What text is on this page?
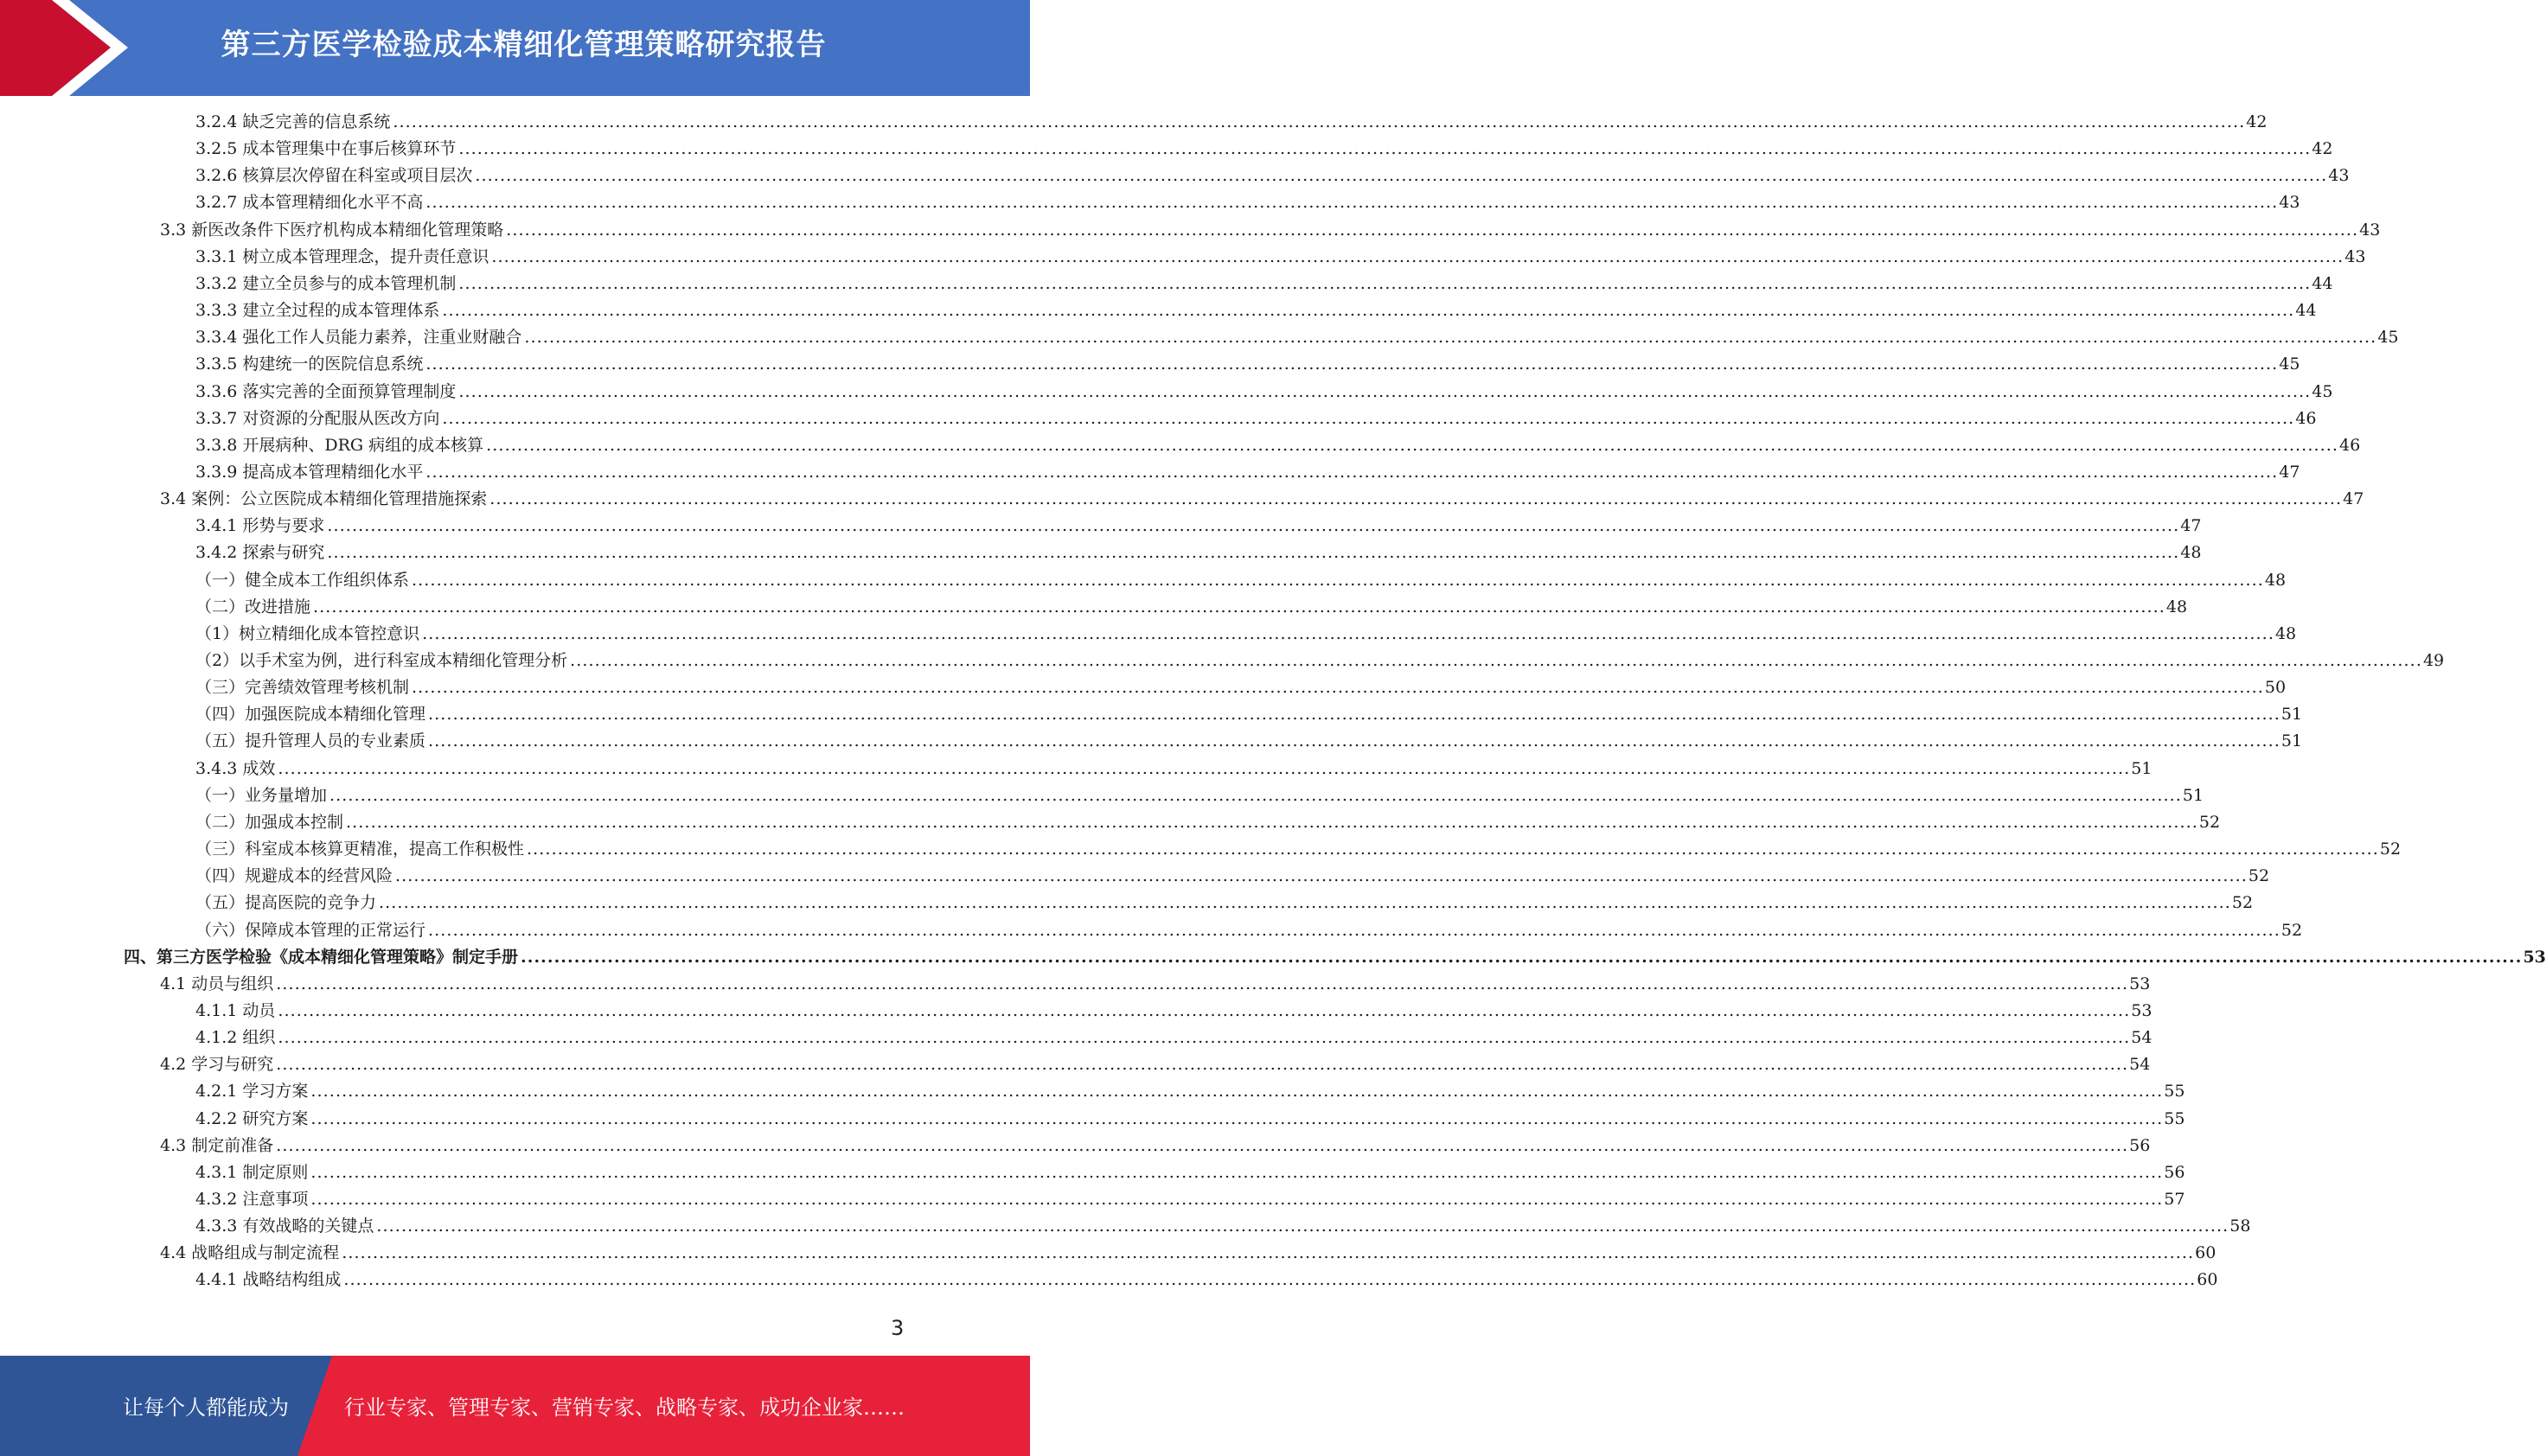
第三方医学检验成本精细化管理策略研究报告
3.2.4 缺乏完善的信息系统 ............................................................................................................................................................................................................................................................................................................ 42
3.2.5 成本管理集中在事后核算环节 ............................................................................................................................................................................................................................................................................................................ 42
3.2.6 核算层次停留在科室或项目层次 ............................................................................................................................................................................................................................................................................................................ 43
3.2.7 成本管理精细化水平不高 ............................................................................................................................................................................................................................................................................................................ 43
3.3 新医改条件下医疗机构成本精细化管理策略 ............................................................................................................................................................................................................................................................................................................ 43
3.3.1 树立成本管理理念，提升责任意识 ............................................................................................................................................................................................................................................................................................................ 43
3.3.2 建立全员参与的成本管理机制 ............................................................................................................................................................................................................................................................................................................ 44
3.3.3 建立全过程的成本管理体系 ............................................................................................................................................................................................................................................................................................................ 44
3.3.4 强化工作人员能力素养，注重业财融合 ............................................................................................................................................................................................................................................................................................................ 45
3.3.5 构建统一的医院信息系统 ............................................................................................................................................................................................................................................................................................................ 45
3.3.6 落实完善的全面预算管理制度 ............................................................................................................................................................................................................................................................................................................ 45
3.3.7 对资源的分配服从医改方向 ............................................................................................................................................................................................................................................................................................................ 46
3.3.8 开展病种、DRG 病组的成本核算 ............................................................................................................................................................................................................................................................................................................ 46
3.3.9 提高成本管理精细化水平 ............................................................................................................................................................................................................................................................................................................ 47
3.4 案例：公立医院成本精细化管理措施探索 ............................................................................................................................................................................................................................................................................................................ 47
3.4.1 形势与要求 ............................................................................................................................................................................................................................................................................................................ 47
3.4.2 探索与研究 ............................................................................................................................................................................................................................................................................................................ 48
（一）健全成本工作组织体系 ............................................................................................................................................................................................................................................................................................................ 48
（二）改进措施 ............................................................................................................................................................................................................................................................................................................ 48
（1）树立精细化成本管控意识 ............................................................................................................................................................................................................................................................................................................ 48
（2）以手术室为例，进行科室成本精细化管理分析 ............................................................................................................................................................................................................................................................................................................ 49
（三）完善绩效管理考核机制 ............................................................................................................................................................................................................................................................................................................ 50
（四）加强医院成本精细化管理 ............................................................................................................................................................................................................................................................................................................ 51
（五）提升管理人员的专业素质 ............................................................................................................................................................................................................................................................................................................ 51
3.4.3 成效 ............................................................................................................................................................................................................................................................................................................ 51
（一）业务量增加 ............................................................................................................................................................................................................................................................................................................ 51
（二）加强成本控制 ............................................................................................................................................................................................................................................................................................................ 52
（三）科室成本核算更精准，提高工作积极性 ............................................................................................................................................................................................................................................................................................................ 52
（四）规避成本的经营风险 ............................................................................................................................................................................................................................................................................................................ 52
（五）提高医院的竞争力 ............................................................................................................................................................................................................................................................................................................ 52
（六）保障成本管理的正常运行 ............................................................................................................................................................................................................................................................................................................ 52
四、第三方医学检验《成本精细化管理策略》制定手册 ............................................................................................................................................................................................................................................................................................................ 53
4.1 动员与组织 ............................................................................................................................................................................................................................................................................................................ 53
4.1.1 动员 ............................................................................................................................................................................................................................................................................................................ 53
4.1.2 组织 ............................................................................................................................................................................................................................................................................................................ 54
4.2 学习与研究 ............................................................................................................................................................................................................................................................................................................ 54
4.2.1 学习方案 ............................................................................................................................................................................................................................................................................................................ 55
4.2.2 研究方案 ............................................................................................................................................................................................................................................................................................................ 55
4.3 制定前准备 ............................................................................................................................................................................................................................................................................................................ 56
4.3.1 制定原则 ............................................................................................................................................................................................................................................................................................................ 56
4.3.2 注意事项 ............................................................................................................................................................................................................................................................................................................ 57
4.3.3 有效战略的关键点 ............................................................................................................................................................................................................................................................................................................ 58
4.4 战略组成与制定流程 ............................................................................................................................................................................................................................................................................................................ 60
4.4.1 战略结构组成 ............................................................................................................................................................................................................................................................................................................ 60
3
让每个人都能成为	行业专家、管理专家、营销专家、战略专家、成功企业家……
